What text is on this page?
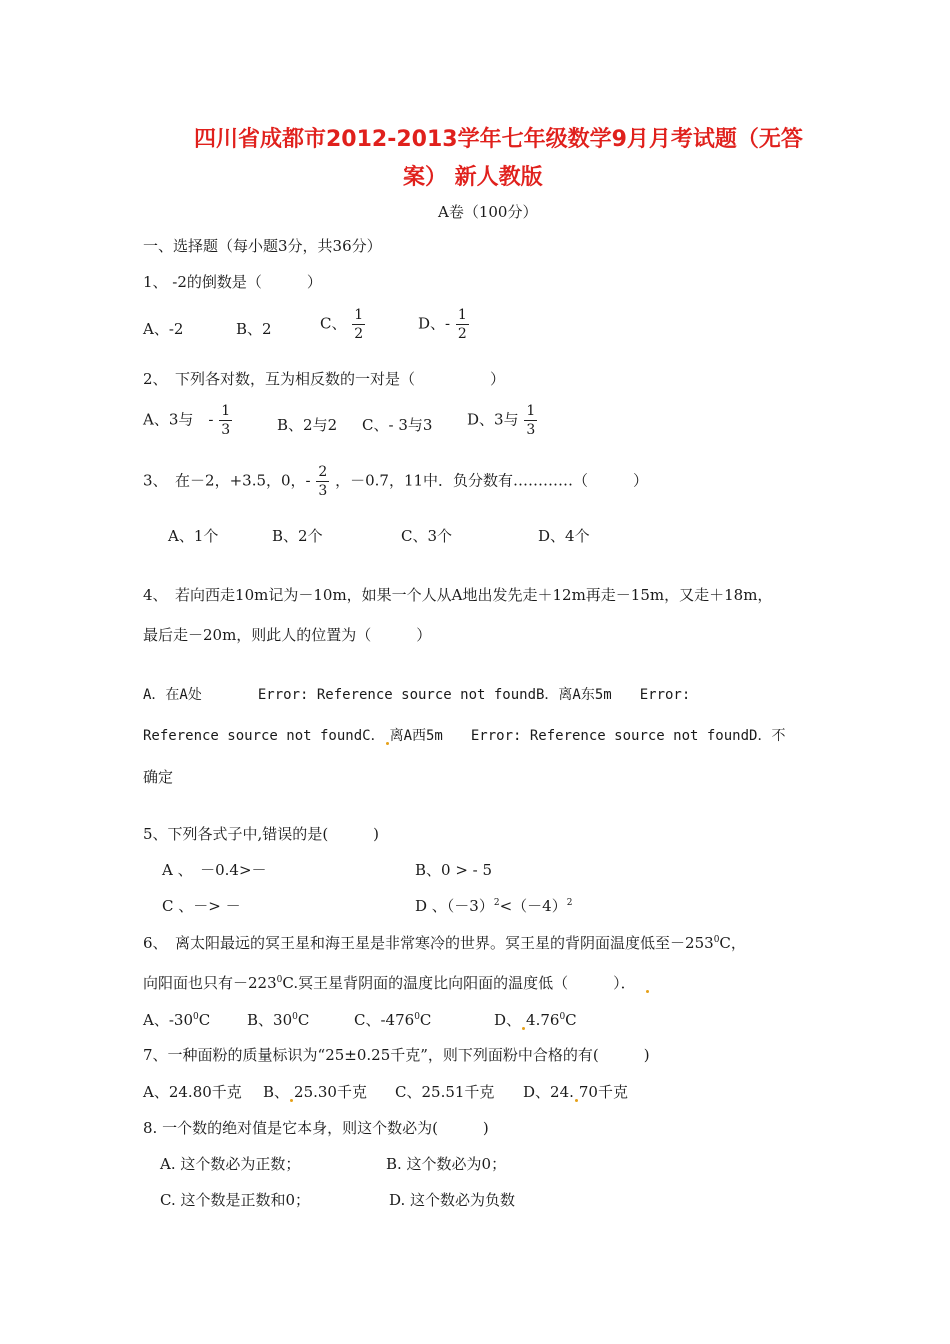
四川省成都市2012-2013学年七年级数学9月月考试题（无答
案） 新人教版
A卷（100分）
一、选择题（每小题3分，共36分）
1、 -2的倒数是（　　　）
A、-2	B、2	C、 $\frac{1}{2}$	D、- $\frac{1}{2}$
2、　下列各对数，互为相反数的一对是（　　　　　）
A、3与　- $\frac{1}{3}$	B、2与2 C、- 3与3 D、3与 $\frac{1}{3}$
3、　在－2，+3.5，0，- $\frac{2}{3}$ ，－0.7，11中．负分数有…………（　　　）
A、1个	B、2个	C、3个	D、4个
4、　若向西走10m记为－10m，如果一个人从A地出发先走＋12m再走－15m，又走＋18m，
最后走－20m，则此人的位置为（　　　）
A．在A处　　　　Error: Reference source not foundB．离A东5m　　Error:
Reference source not foundC． 离A西5m　　Error: Reference source not foundD．不
确定
5、下列各式子中,错误的是(　　　)
A 、　－0.4>－	B、0 > - 5
C 、－> －	D 、$(-3)^2<(-4)^2$
6、　离太阳最远的冥王星和海王星是非常寒冷的世界。冥王星的背阴面温度低至$-253^0C$，
向阳面也只有$-223^0C$.冥王星背阴面的温度比向阳面的温度低（　　　）．
A、$-30^0C$ B、$30^0C$	C、$-476^0C$	D、 4.76$^0$C
7、一种面粉的质量标识为“25±0.25千克”，则下列面粉中合格的有(　　　)
A、24.80千克 B、 25.30千克 C、25.51千克 D、24. 70千克
8. 一个数的绝对值是它本身，则这个数必为(　　　)
A. 这个数必为正数；	B. 这个数必为0；
C. 这个数是正数和0；	D. 这个数必为负数
